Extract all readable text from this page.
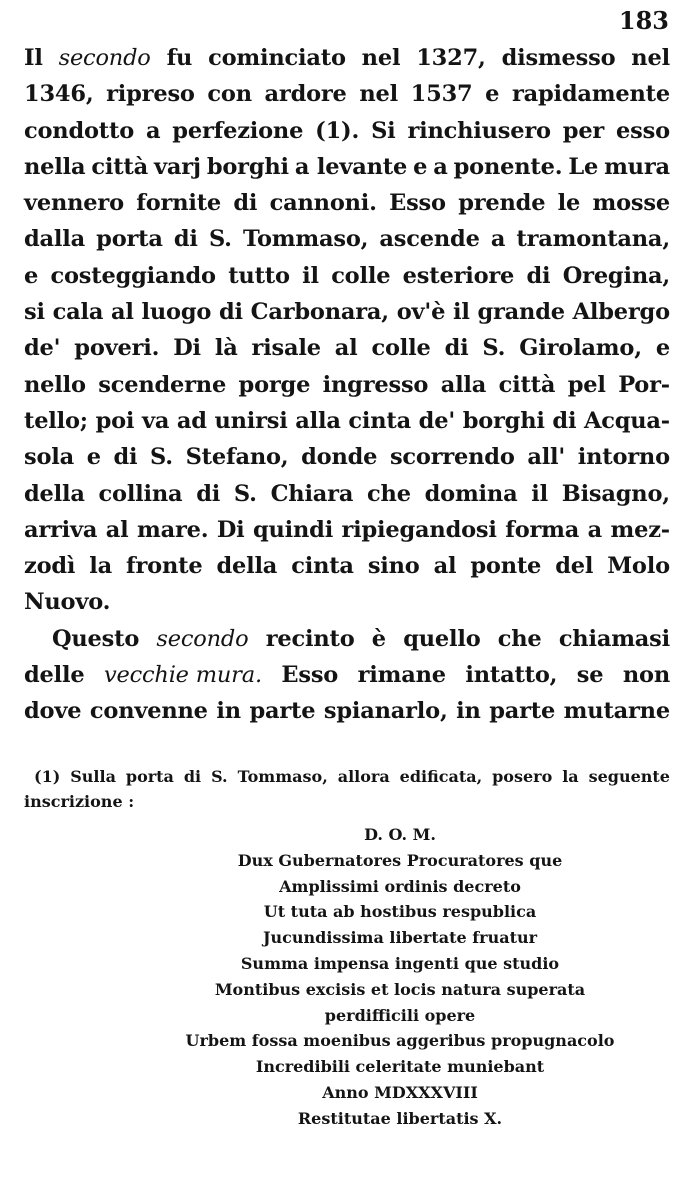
183
Il secondo fu cominciato nel 1327, dismesso nel
1346, ripreso con ardore nel 1537 e rapidamente
condotto a perfezione (1). Si rinchiusero per esso
nella città varj borghi a levante e a ponente. Le mura
vennero fornite di cannoni. Esso prende le mosse
dalla porta di S. Tommaso, ascende a tramontana,
e costeggiando tutto il colle esteriore di Oregina,
si cala al luogo di Carbonara, ov'è il grande Albergo
de' poveri. Di là risale al colle di S. Girolamo, e
nello scenderne porge ingresso alla città pel Por-
tello; poi va ad unirsi alla cinta de' borghi di Acqua-
sola e di S. Stefano, donde scorrendo all' intorno
della collina di S. Chiara che domina il Bisagno,
arriva al mare. Di quindi ripiegandosi forma a mez-
zodì la fronte della cinta sino al ponte del Molo
Nuovo.
Questo secondo recinto è quello che chiamasi
delle vecchie mura. Esso rimane intatto, se non
dove convenne in parte spianarlo, in parte mutarne
(1) Sulla porta di S. Tommaso, allora edificata, posero la seguente
inscrizione :
D. O. M.
Dux Gubernatores Procuratores que
Amplissimi ordinis decreto
Ut tuta ab hostibus respublica
Jucundissima libertate fruatur
Summa impensa ingenti que studio
Montibus excisis et locis natura superata
perdifficili opere
Urbem fossa moenibus aggeribus propugnacolo
Incredibili celeritate muniebant
Anno MDXXXVIII
Restitutae libertatis X.
